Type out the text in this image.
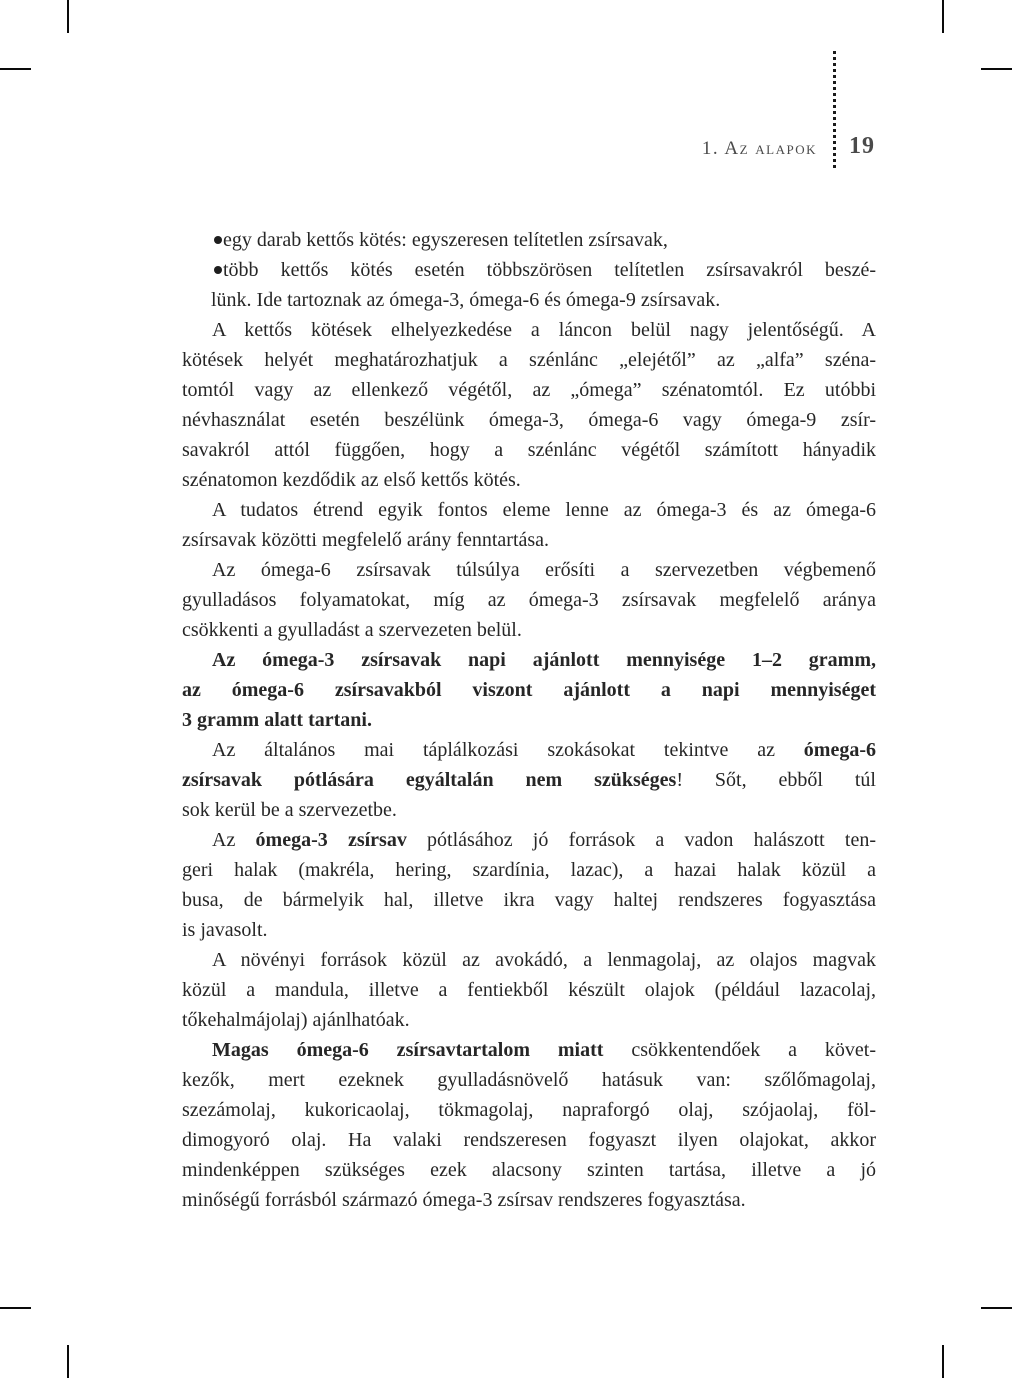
1. Az alapok 19
egy darab kettős kötés: egyszeresen telítetlen zsírsavak,
több kettős kötés esetén többszörösen telítetlen zsírsavakról beszé-
lünk. Ide tartoznak az ómega-3, ómega-6 és ómega-9 zsírsavak.
A kettős kötések elhelyezkedése a láncon belül nagy jelentőségű. A
kötések helyét meghatározhatjuk a szénlánc „elejétől” az „alfa” széna-
tomtól vagy az ellenkező végétől, az „ómega” szénatomtól. Ez utóbbi
névhasználat esetén beszélünk ómega-3, ómega-6 vagy ómega-9 zsír-
savakról attól függően, hogy a szénlánc végétől számított hányadik
szénatomon kezdődik az első kettős kötés.
A tudatos étrend egyik fontos eleme lenne az ómega-3 és az ómega-6
zsírsavak közötti megfelelő arány fenntartása.
Az ómega-6 zsírsavak túlsúlya erősíti a szervezetben végbemenő
gyulladásos folyamatokat, míg az ómega-3 zsírsavak megfelelő aránya
csökkenti a gyulladást a szervezeten belül.
Az ómega-3 zsírsavak napi ajánlott mennyisége 1–2 gramm,
az ómega-6 zsírsavakból viszont ajánlott a napi mennyiséget
3 gramm alatt tartani.
Az általános mai táplálkozási szokásokat tekintve az ómega-6
zsírsavak pótlására egyáltalán nem szükséges! Sőt, ebből túl
sok kerül be a szervezetbe.
Az ómega-3 zsírsav pótlásához jó források a vadon halászott ten-
geri halak (makréla, hering, szardínia, lazac), a hazai halak közül a
busa, de bármelyik hal, illetve ikra vagy haltej rendszeres fogyasztása
is javasolt.
A növényi források közül az avokádó, a lenmagolaj, az olajos magvak
közül a mandula, illetve a fentiekből készült olajok (például lazacolaj,
tőkehalmájolaj) ajánlhatóak.
Magas ómega-6 zsírsavtartalom miatt csökkentendőek a követ-
kezők, mert ezeknek gyulladásnövelő hatásuk van: szőlőmagolaj,
szezámolaj, kukoricaolaj, tökmagolaj, napraforgó olaj, szójaolaj, föl-
dimogyoró olaj. Ha valaki rendszeresen fogyaszt ilyen olajokat, akkor
mindenképpen szükséges ezek alacsony szinten tartása, illetve a jó
minőségű forrásból származó ómega-3 zsírsav rendszeres fogyasztása.
